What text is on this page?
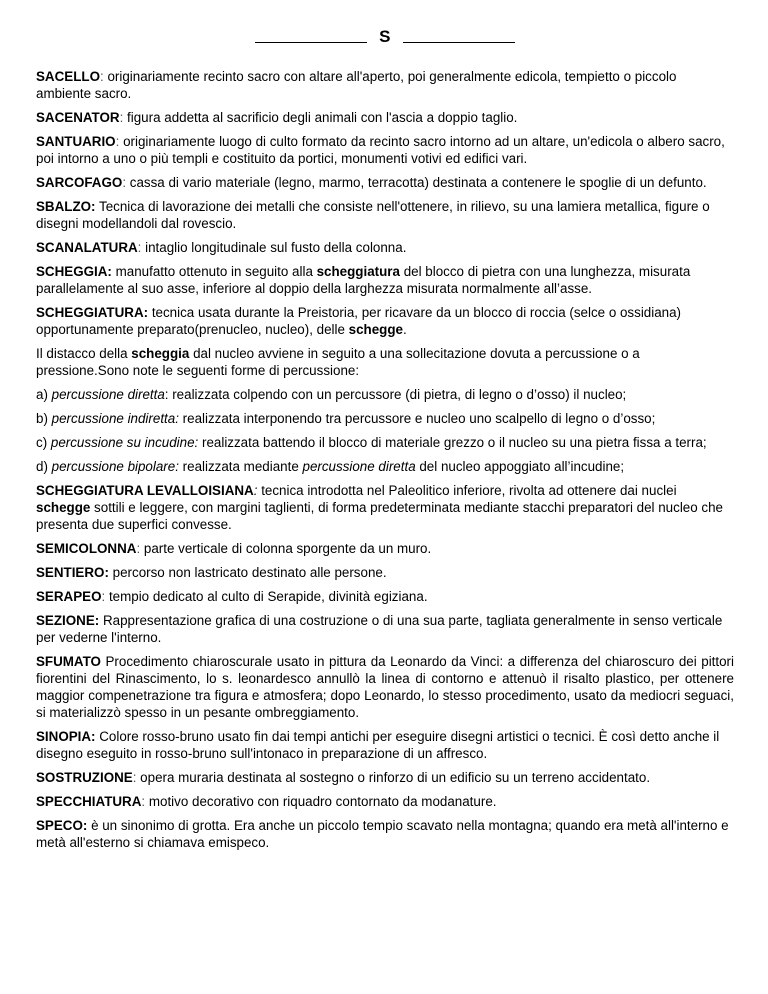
S

SACELLO: originariamente recinto sacro con altare all'aperto, poi generalmente edicola, tempietto o piccolo ambiente sacro.

SACENATOR: figura addetta al sacrificio degli animali con l'ascia a doppio taglio.

SANTUARIO: originariamente luogo di culto formato da recinto sacro intorno ad un altare, un'edicola o albero sacro, poi intorno a uno o più templi e costituito da portici, monumenti votivi ed edifici vari.

SARCOFAGO: cassa di vario materiale (legno, marmo, terracotta) destinata a contenere le spoglie di un defunto.

SBALZO: Tecnica di lavorazione dei metalli che consiste nell'ottenere, in rilievo, su una lamiera metallica, figure o disegni modellandoli dal rovescio.

SCANALATURA: intaglio longitudinale sul fusto della colonna.

SCHEGGIA: manufatto ottenuto in seguito alla scheggiatura del blocco di pietra con una lunghezza, misurata parallelamente al suo asse, inferiore al doppio della larghezza misurata normalmente all’asse.

SCHEGGIATURA: tecnica usata durante la Preistoria, per ricavare da un blocco di roccia (selce o ossidiana) opportunamente preparato(prenucleo, nucleo), delle schegge.

Il distacco della scheggia dal nucleo avviene in seguito a una sollecitazione dovuta a percussione o a pressione.Sono note le seguenti forme di percussione:

a) percussione diretta: realizzata colpendo con un percussore (di pietra, di legno o d’osso) il nucleo;

b) percussione indiretta: realizzata interponendo tra percussore e nucleo uno scalpello di legno o d’osso;

c) percussione su incudine: realizzata battendo il blocco di materiale grezzo o il nucleo su una pietra fissa a terra;

d) percussione bipolare: realizzata mediante percussione diretta del nucleo appoggiato all’incudine;

SCHEGGIATURA LEVALLOISIANA: tecnica introdotta nel Paleolitico inferiore, rivolta ad ottenere dai nuclei schegge sottili e leggere, con margini taglienti, di forma predeterminata mediante stacchi preparatori del nucleo che presenta due superfici convesse.

SEMICOLONNA: parte verticale di colonna sporgente da un muro.

SENTIERO: percorso non lastricato destinato alle persone.

SERAPEO: tempio dedicato al culto di Serapide, divinità egiziana.

SEZIONE: Rappresentazione grafica di una costruzione o di una sua parte, tagliata generalmente in senso verticale per vederne l'interno.

SFUMATO Procedimento chiaroscurale usato in pittura da Leonardo da Vinci: a differenza del chiaroscuro dei pittori fiorentini del Rinascimento, lo s. leonardesco annullò la linea di contorno e attenuò il risalto plastico, per ottenere maggior compenetrazione tra figura e atmosfera; dopo Leonardo, lo stesso procedimento, usato da mediocri seguaci, si materializzò spesso in un pesante ombreggiamento.

SINOPIA: Colore rosso-bruno usato fin dai tempi antichi per eseguire disegni artistici o tecnici. È così detto anche il disegno eseguito in rosso-bruno sull'intonaco in preparazione di un affresco.

SOSTRUZIONE: opera muraria destinata al sostegno o rinforzo di un edificio su un terreno accidentato.

SPECCHIATURA: motivo decorativo con riquadro contornato da modanature.

SPECO: è un sinonimo di grotta. Era anche un piccolo tempio scavato nella montagna; quando era metà all'interno e metà all'esterno si chiamava emispeco.
